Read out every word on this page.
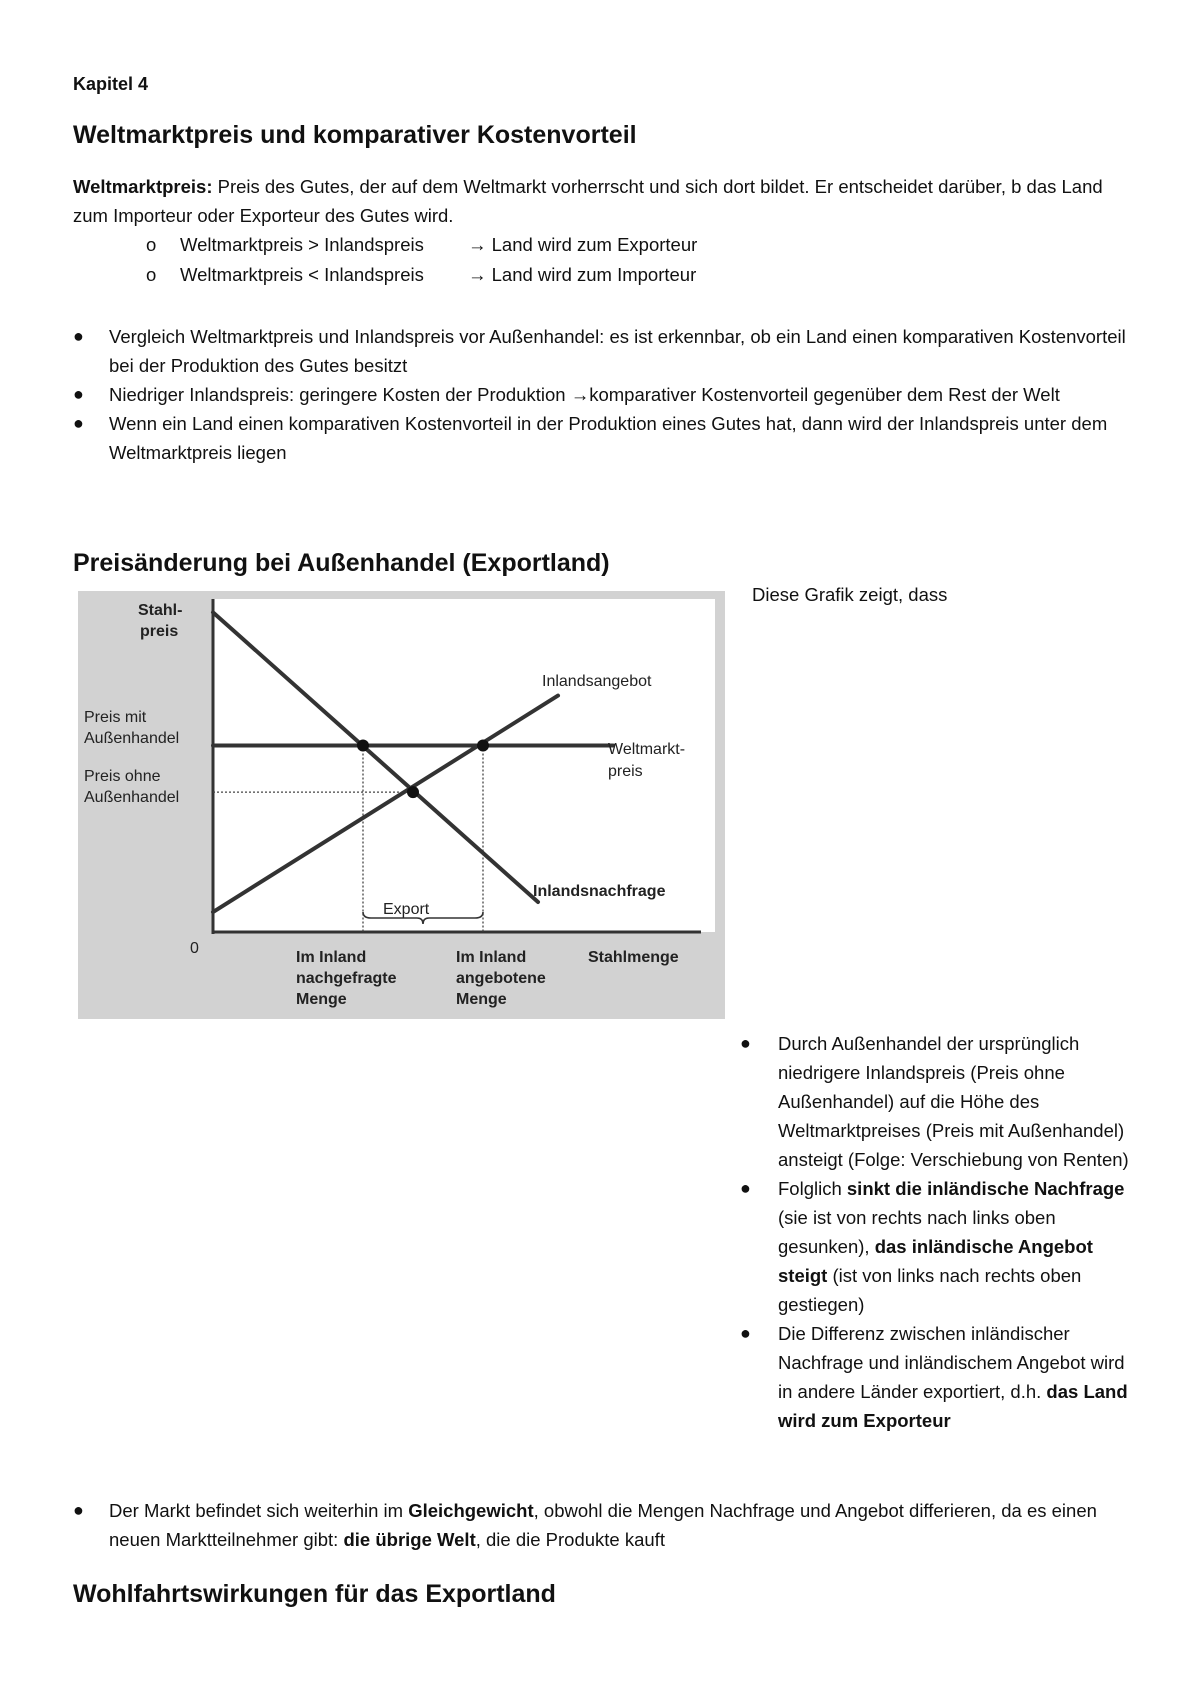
Kapitel 4
Weltmarktpreis und komparativer Kostenvorteil
Weltmarktpreis: Preis des Gutes, der auf dem Weltmarkt vorherrscht und sich dort bildet. Er entscheidet darüber, b das Land zum Importeur oder Exporteur des Gutes wird.
o Weltmarktpreis > Inlandspreis → Land wird zum Exporteur
o Weltmarktpreis < Inlandspreis → Land wird zum Importeur
● Vergleich Weltmarktpreis und Inlandspreis vor Außenhandel: es ist erkennbar, ob ein Land einen komparativen Kostenvorteil bei der Produktion des Gutes besitzt
● Niedriger Inlandspreis: geringere Kosten der Produktion →komparativer Kostenvorteil gegenüber dem Rest der Welt
● Wenn ein Land einen komparativen Kostenvorteil in der Produktion eines Gutes hat, dann wird der Inlandspreis unter dem Weltmarktpreis liegen
Preisänderung bei Außenhandel (Exportland)
Diese Grafik zeigt, dass
Stahl-
preis
0
Stahlmenge
Preis mit
Außenhandel
Preis ohne
Außenhandel
Inlandsangebot
Weltmarkt-
preis
Inlandsnachfrage
Export
Im Inland
nachgefragte
Menge
Im Inland
angebotene
Menge
● Durch Außenhandel der ursprünglich niedrigere Inlandspreis (Preis ohne Außenhandel) auf die Höhe des Weltmarktpreises (Preis mit Außenhandel) ansteigt (Folge: Verschiebung von Renten)
● Folglich sinkt die inländische Nachfrage (sie ist von rechts nach links oben gesunken), das inländische Angebot steigt (ist von links nach rechts oben gestiegen)
● Die Differenz zwischen inländischer Nachfrage und inländischem Angebot wird in andere Länder exportiert, d.h. das Land wird zum Exporteur
● Der Markt befindet sich weiterhin im Gleichgewicht, obwohl die Mengen Nachfrage und Angebot differieren, da es einen neuen Marktteilnehmer gibt: die übrige Welt, die die Produkte kauft
Wohlfahrtswirkungen für das Exportland
